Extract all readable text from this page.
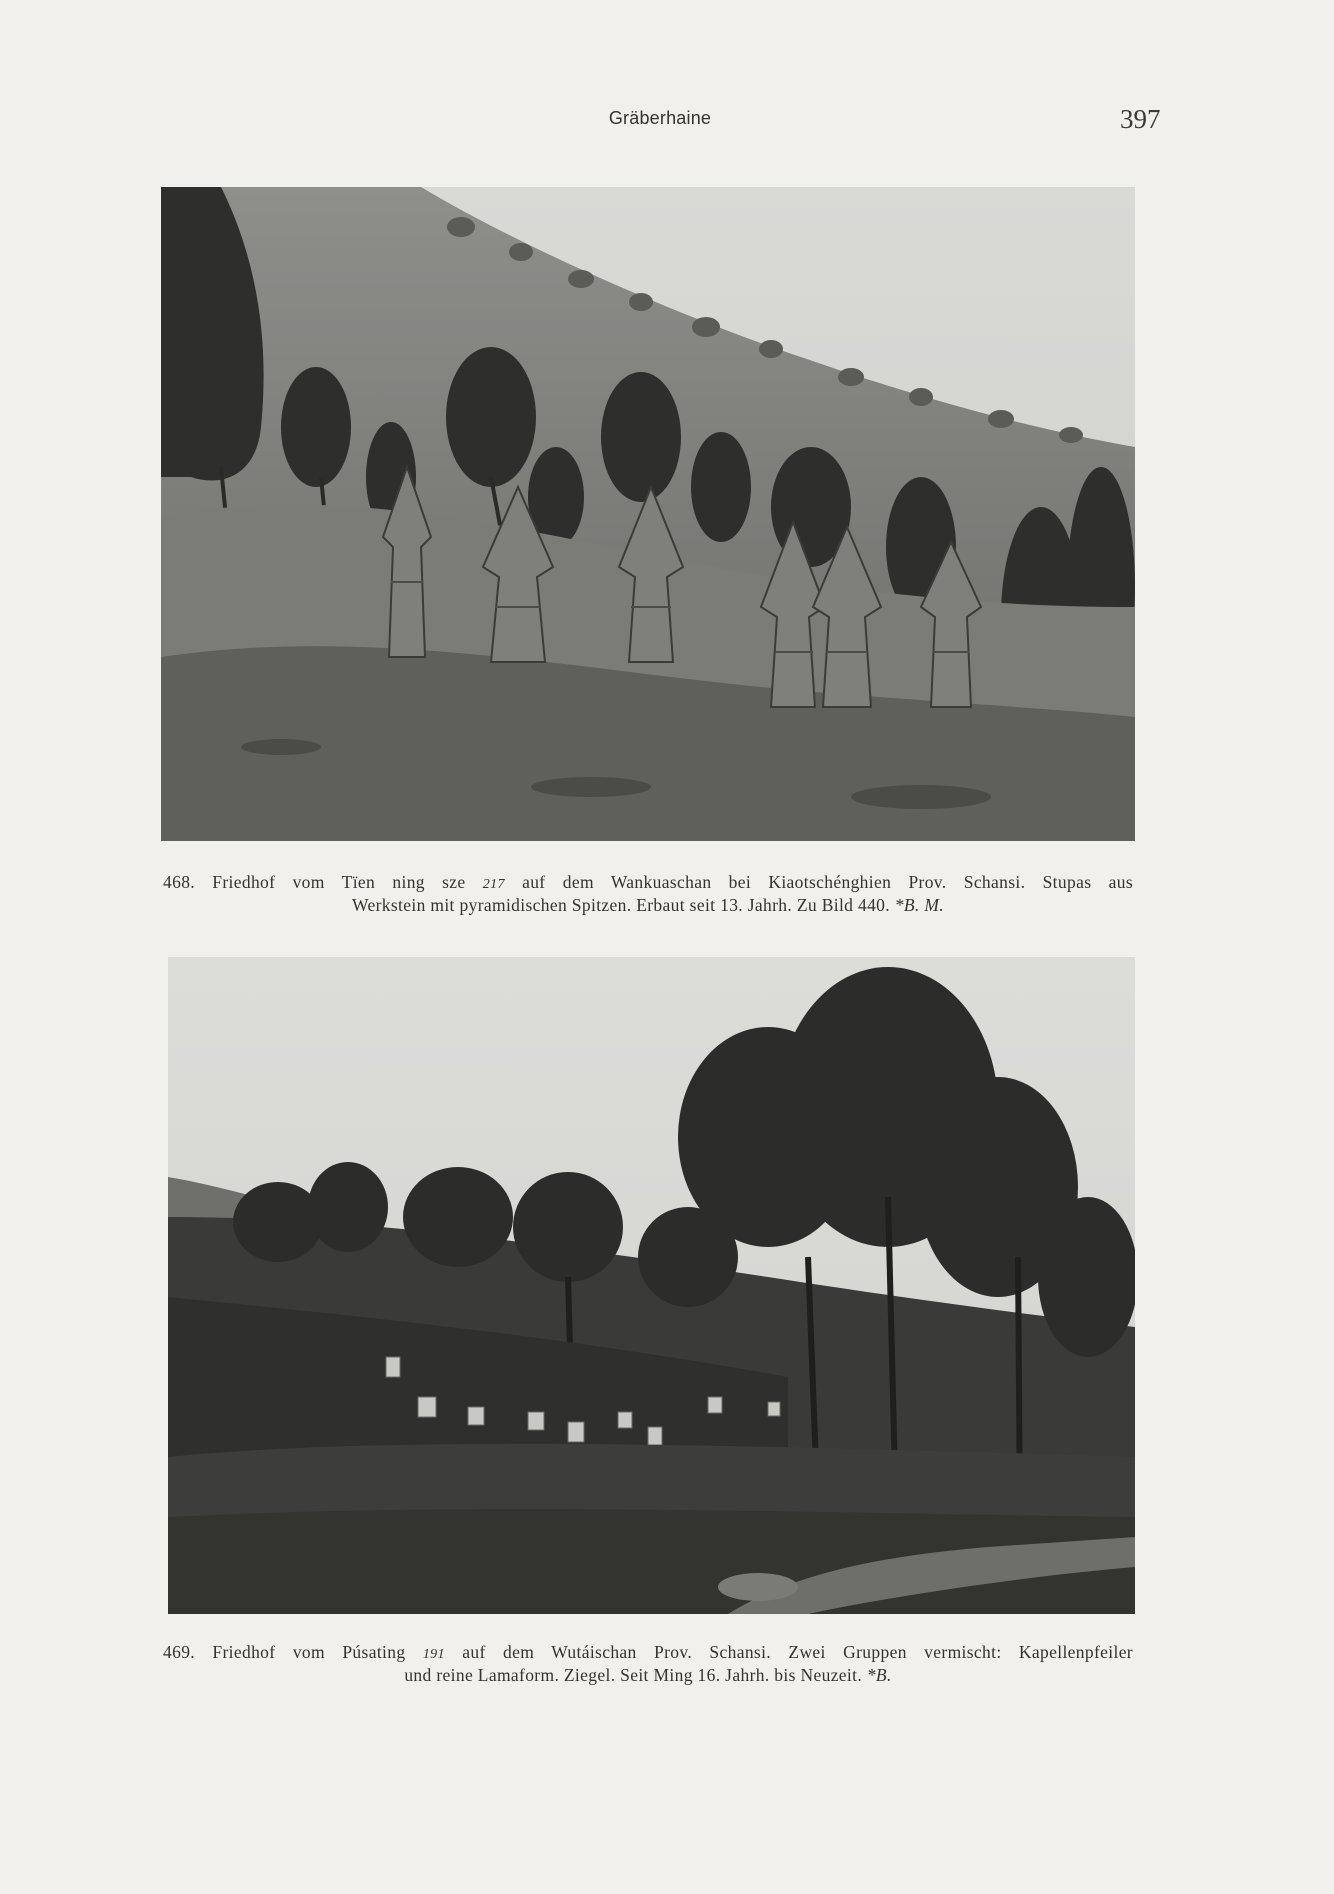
Gräberhaine	397
468. Friedhof vom Tïen ning sze 217 auf dem Wankuaschan bei Kiaotschénghien Prov. Schansi. Stupas aus
Werkstein mit pyramidischen Spitzen. Erbaut seit 13. Jahrh. Zu Bild 440. *B. M.
469. Friedhof vom Púsating 191 auf dem Wutáischan Prov. Schansi. Zwei Gruppen vermischt: Kapellenpfeiler
und reine Lamaform. Ziegel. Seit Ming 16. Jahrh. bis Neuzeit. *B.
